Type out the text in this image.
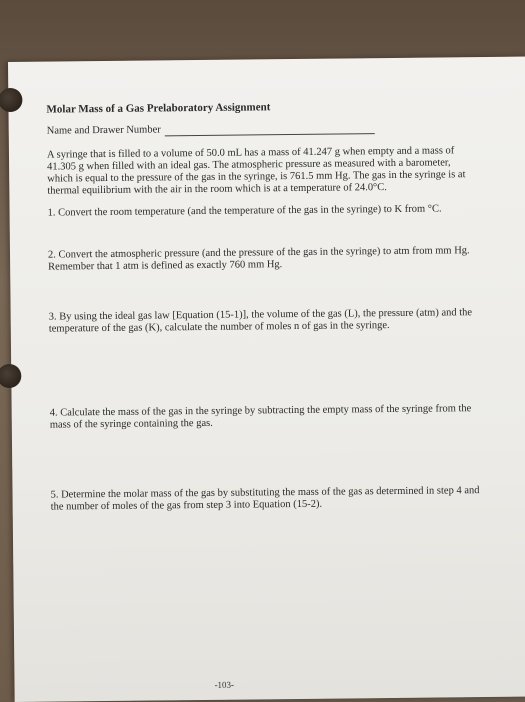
Molar Mass of a Gas Prelaboratory Assignment

Name and Drawer Number

A syringe that is filled to a volume of 50.0 mL has a mass of 41.247 g when empty and a mass of 41.305 g when filled with an ideal gas. The atmospheric pressure as measured with a barometer, which is equal to the pressure of the gas in the syringe, is 761.5 mm Hg. The gas in the syringe is at thermal equilibrium with the air in the room which is at a temperature of 24.0°C.

1. Convert the room temperature (and the temperature of the gas in the syringe) to K from °C.

2. Convert the atmospheric pressure (and the pressure of the gas in the syringe) to atm from mm Hg. Remember that 1 atm is defined as exactly 760 mm Hg.

3. By using the ideal gas law [Equation (15-1)], the volume of the gas (L), the pressure (atm) and the temperature of the gas (K), calculate the number of moles n of gas in the syringe.

4. Calculate the mass of the gas in the syringe by subtracting the empty mass of the syringe from the mass of the syringe containing the gas.

5. Determine the molar mass of the gas by substituting the mass of the gas as determined in step 4 and the number of moles of the gas from step 3 into Equation (15-2).

-103-
